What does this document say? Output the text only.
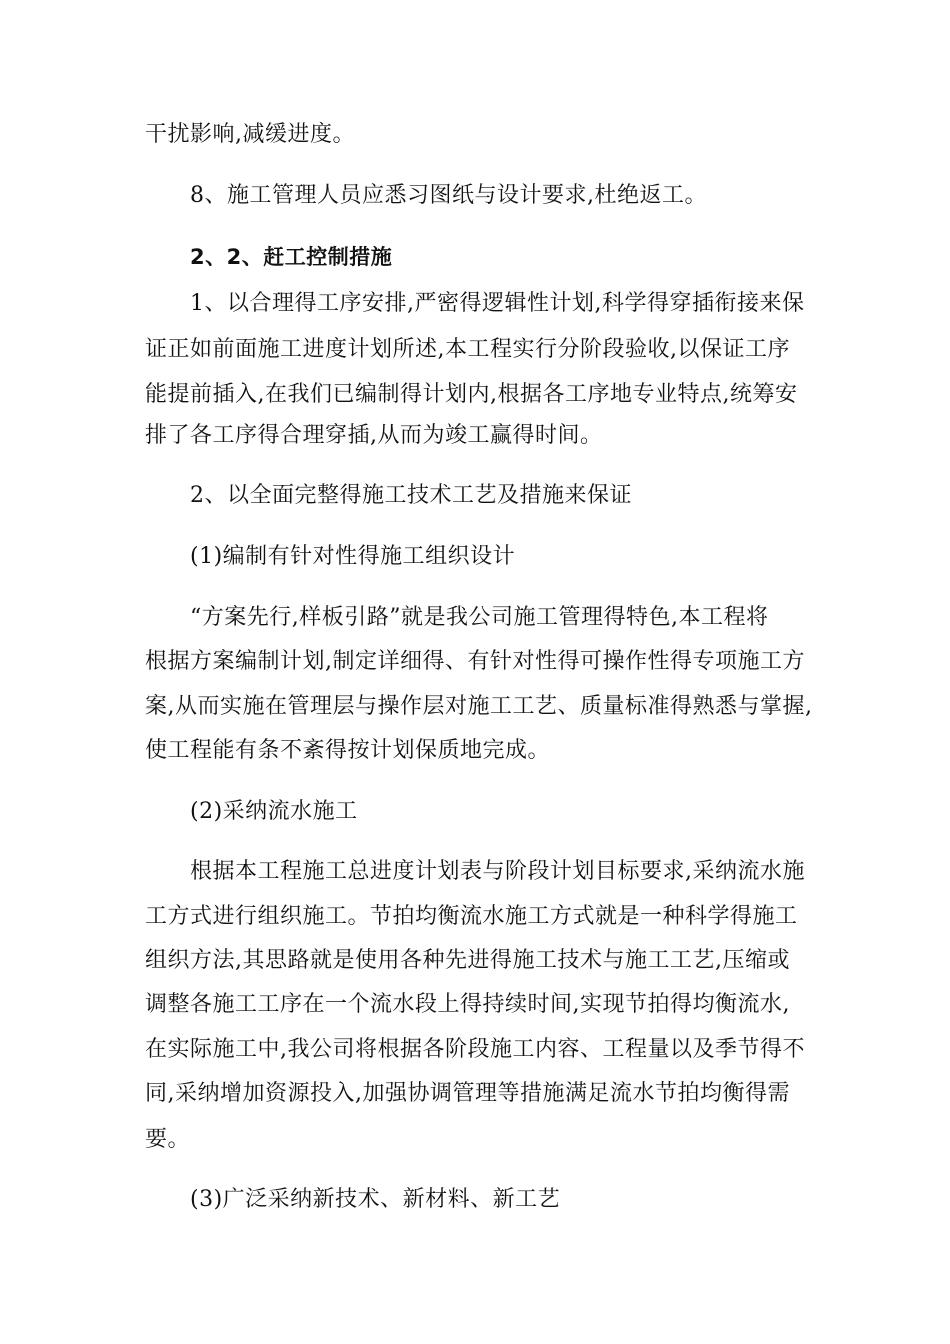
干扰影响,减缓进度。
8、施工管理人员应悉习图纸与设计要求,杜绝返工。
2、2、赶工控制措施
1、以合理得工序安排,严密得逻辑性计划,科学得穿插衔接来保
证正如前面施工进度计划所述,本工程实行分阶段验收,以保证工序
能提前插入,在我们已编制得计划内,根据各工序地专业特点,统筹安
排了各工序得合理穿插,从而为竣工赢得时间。
2、以全面完整得施工技术工艺及措施来保证
(1)编制有针对性得施工组织设计
“方案先行,样板引路”就是我公司施工管理得特色,本工程将
根据方案编制计划,制定详细得、有针对性得可操作性得专项施工方
案,从而实施在管理层与操作层对施工工艺、质量标准得熟悉与掌握,
使工程能有条不紊得按计划保质地完成。
(2)采纳流水施工
根据本工程施工总进度计划表与阶段计划目标要求,采纳流水施
工方式进行组织施工。节拍均衡流水施工方式就是一种科学得施工
组织方法,其思路就是使用各种先进得施工技术与施工工艺,压缩或
调整各施工工序在一个流水段上得持续时间,实现节拍得均衡流水,
在实际施工中,我公司将根据各阶段施工内容、工程量以及季节得不
同,采纳增加资源投入,加强协调管理等措施满足流水节拍均衡得需
要。
(3)广泛采纳新技术、新材料、新工艺
